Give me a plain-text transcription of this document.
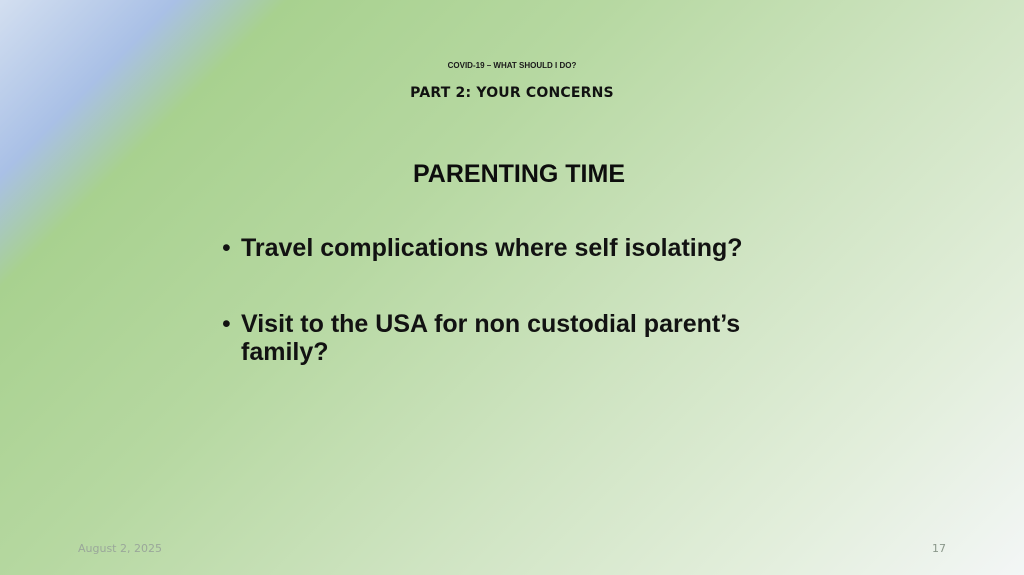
COVID-19 – WHAT SHOULD I DO?
PART 2: YOUR CONCERNS
PARENTING TIME
• Travel complications where self isolating?
• Visit to the USA for non custodial parent’s family?
August 2, 2025	17
